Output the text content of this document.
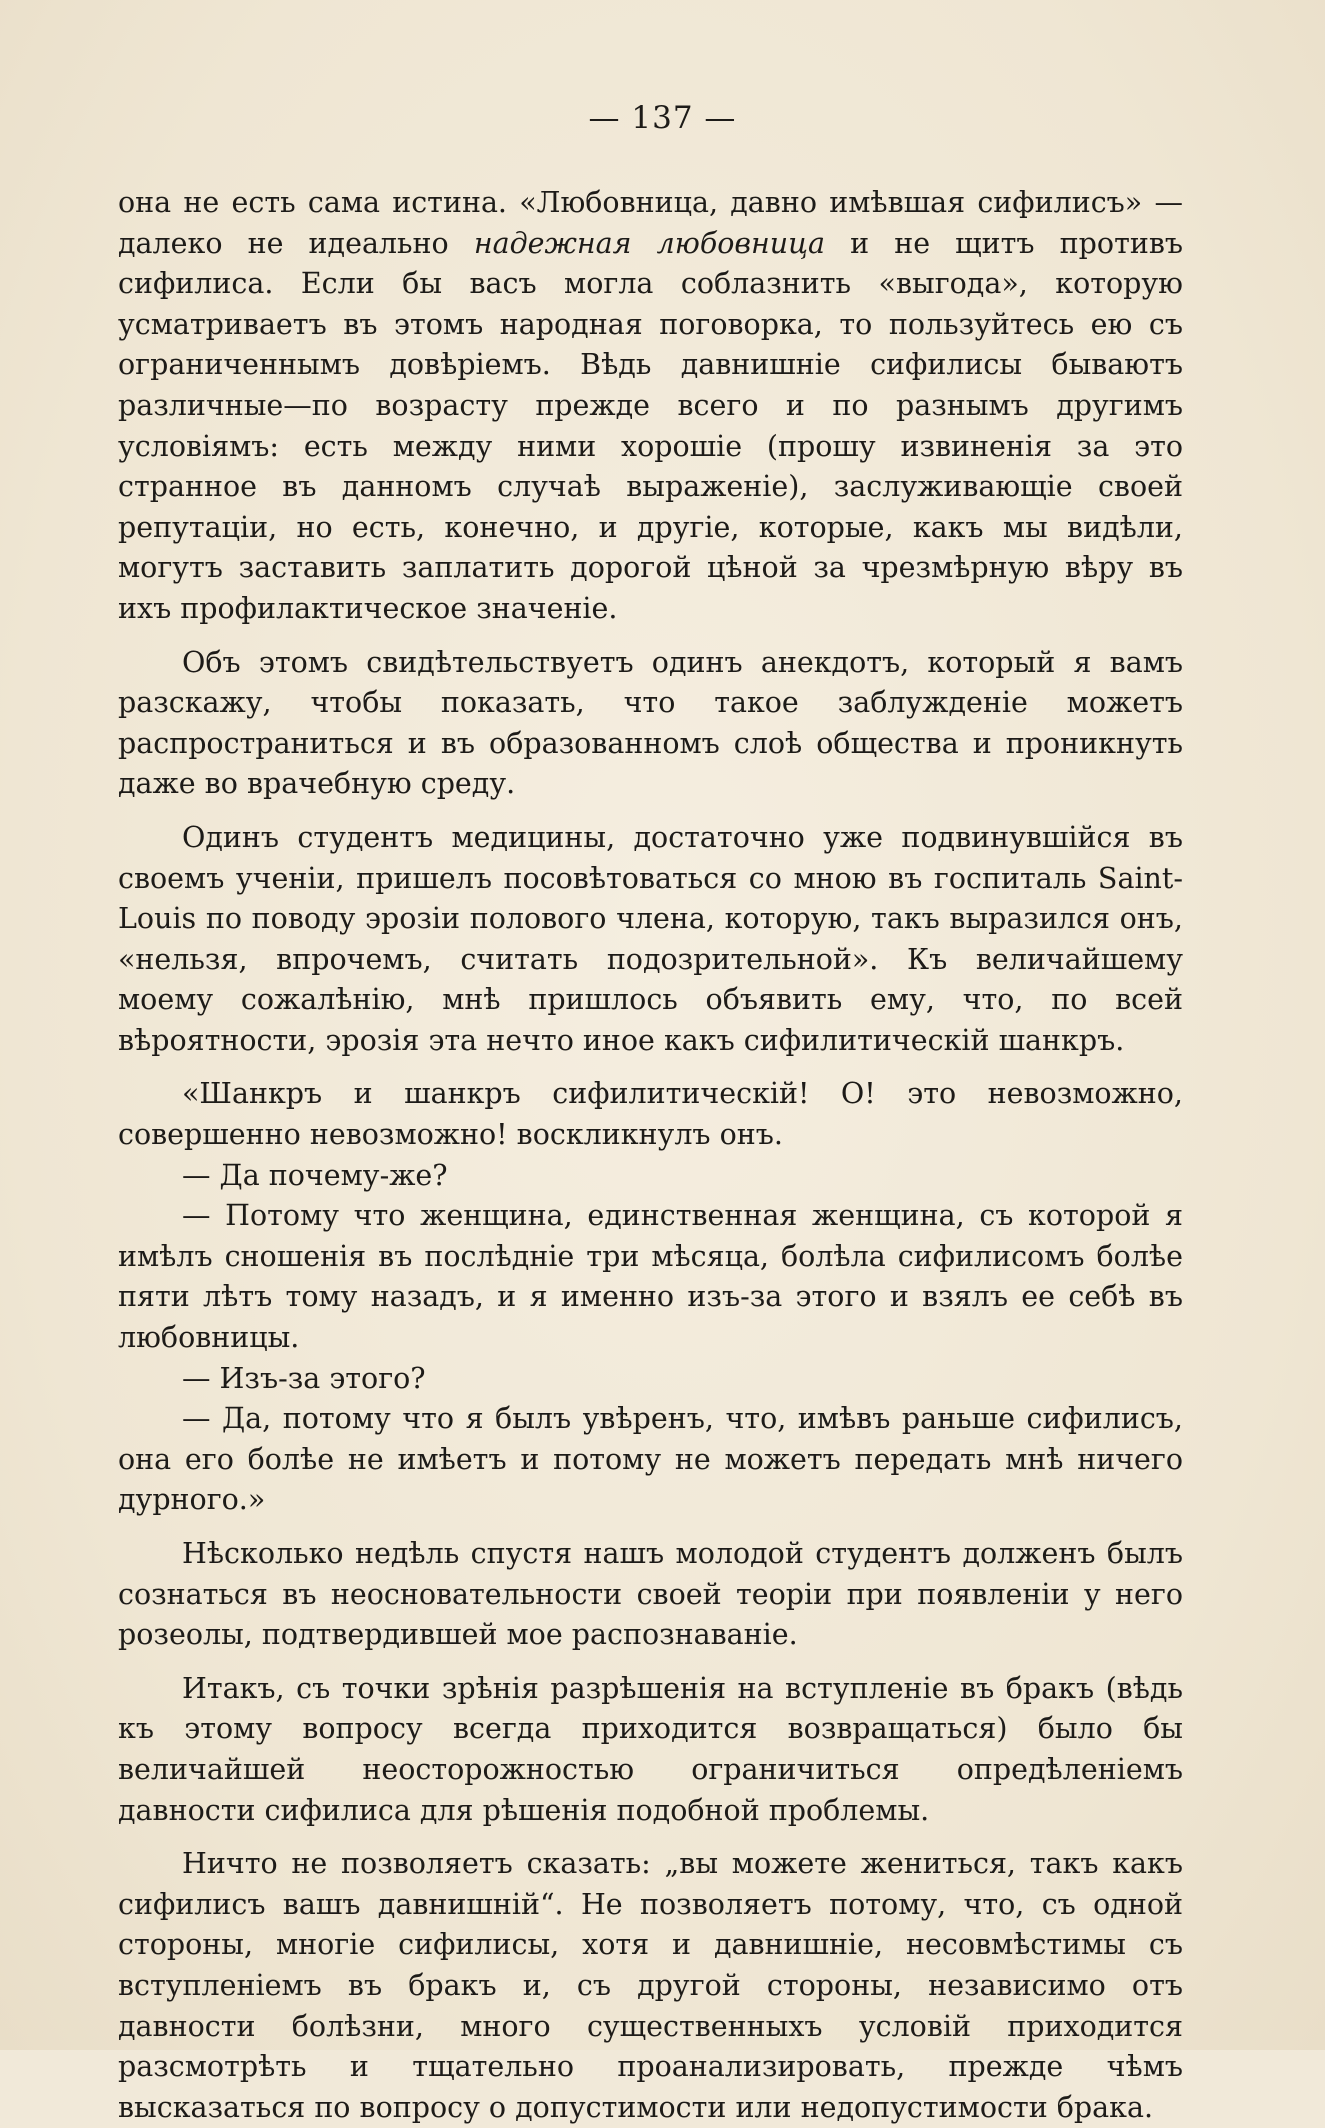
— 137 —

она не есть сама истина. «Любовница, давно имѣвшая сифилисъ» — далеко не идеально надежная любовница и не щитъ противъ сифилиса. Если бы васъ могла соблазнить «выгода», которую усматриваетъ въ этомъ народная поговорка, то пользуйтесь ею съ ограниченнымъ довѣріемъ. Вѣдь давнишніе сифилисы бываютъ различные—по возрасту прежде всего и по разнымъ другимъ условіямъ: есть между ними хорошіе (прошу извиненія за это странное въ данномъ случаѣ выраженіе), заслуживающіе своей репутаціи, но есть, конечно, и другіе, которые, какъ мы видѣли, могутъ заставить заплатить дорогой цѣной за чрезмѣрную вѣру въ ихъ профилактическое значеніе.

Объ этомъ свидѣтельствуетъ одинъ анекдотъ, который я вамъ разскажу, чтобы показать, что такое заблужденіе можетъ распространиться и въ образованномъ слоѣ общества и проникнуть даже во врачебную среду.

Одинъ студентъ медицины, достаточно уже подвинувшійся въ своемъ ученіи, пришелъ посовѣтоваться со мною въ госпиталь Saint-Louis по поводу эрозіи полового члена, которую, такъ выразился онъ, «нельзя, впрочемъ, считать подозрительной». Къ величайшему моему сожалѣнію, мнѣ пришлось объявить ему, что, по всей вѣроятности, эрозія эта нечто иное какъ сифилитическій шанкръ.

«Шанкръ и шанкръ сифилитическій! О! это невозможно, совершенно невозможно! воскликнулъ онъ.

— Да почему-же?

— Потому что женщина, единственная женщина, съ которой я имѣлъ сношенія въ послѣдніе три мѣсяца, болѣла сифилисомъ болѣе пяти лѣтъ тому назадъ, и я именно изъ-за этого и взялъ ее себѣ въ любовницы.

— Изъ-за этого?

— Да, потому что я былъ увѣренъ, что, имѣвъ раньше сифилисъ, она его болѣе не имѣетъ и потому не можетъ передать мнѣ ничего дурного.»

Нѣсколько недѣль спустя нашъ молодой студентъ долженъ былъ сознаться въ неосновательности своей теоріи при появленіи у него розеолы, подтвердившей мое распознаваніе.

Итакъ, съ точки зрѣнія разрѣшенія на вступленіе въ бракъ (вѣдь къ этому вопросу всегда приходится возвращаться) было бы величайшей неосторожностью ограничиться опредѣленіемъ давности сифилиса для рѣшенія подобной проблемы.

Ничто не позволяетъ сказать: „вы можете жениться, такъ какъ сифилисъ вашъ давнишній“. Не позволяетъ потому, что, съ одной стороны, многіе сифилисы, хотя и давнишніе, несовмѣстимы съ вступленіемъ въ бракъ и, съ другой стороны, независимо отъ давности болѣзни, много существенныхъ условій приходится разсмотрѣть и тщательно проанализировать, прежде чѣмъ высказаться по вопросу о допустимости или недопустимости брака.
